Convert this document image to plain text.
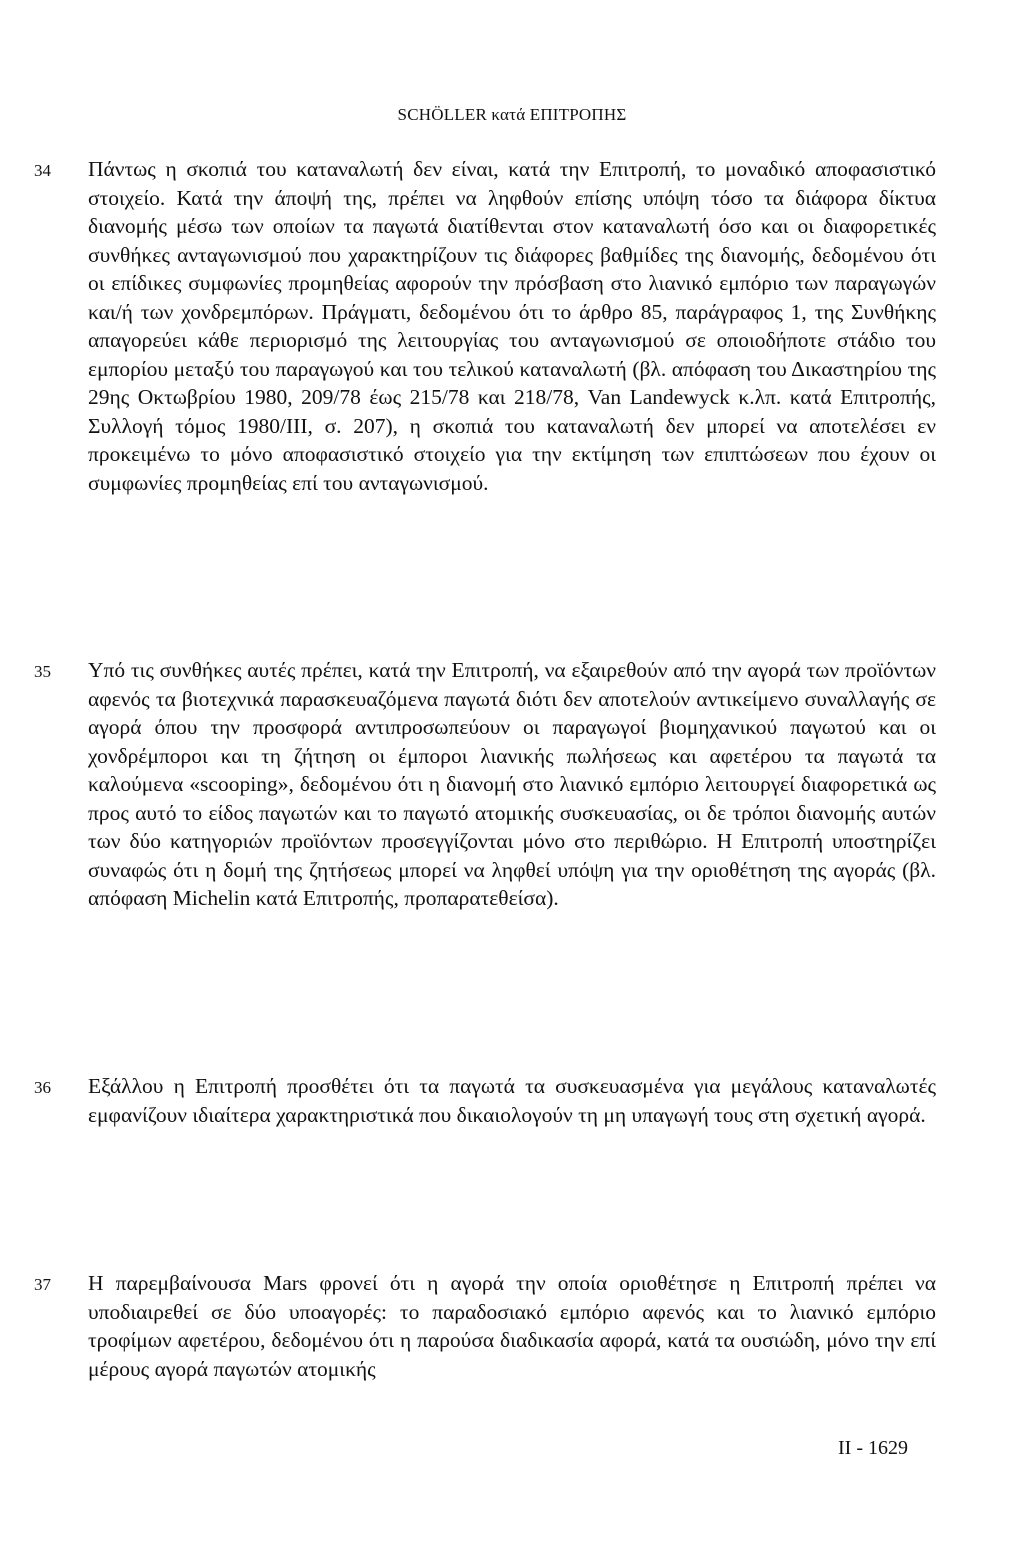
SCHÖLLER κατά ΕΠΙΤΡΟΠΗΣ
34 Πάντως η σκοπιά του καταναλωτή δεν είναι, κατά την Επιτροπή, το μοναδικό αποφασιστικό στοιχείο. Κατά την άποψή της, πρέπει να ληφθούν επίσης υπόψη τόσο τα διάφορα δίκτυα διανομής μέσω των οποίων τα παγωτά διατίθενται στον καταναλωτή όσο και οι διαφορετικές συνθήκες ανταγωνισμού που χαρακτηρίζουν τις διάφορες βαθμίδες της διανομής, δεδομένου ότι οι επίδικες συμφωνίες προμηθείας αφορούν την πρόσβαση στο λιανικό εμπόριο των παραγωγών και/ή των χονδρεμπόρων. Πράγματι, δεδομένου ότι το άρθρο 85, παράγραφος 1, της Συνθήκης απαγορεύει κάθε περιορισμό της λειτουργίας του ανταγωνισμού σε οποιοδήποτε στάδιο του εμπορίου μεταξύ του παραγωγού και του τελικού καταναλωτή (βλ. απόφαση του Δικαστηρίου της 29ης Οκτωβρίου 1980, 209/78 έως 215/78 και 218/78, Van Landewyck κ.λπ. κατά Επιτροπής, Συλλογή τόμος 1980/III, σ. 207), η σκοπιά του καταναλωτή δεν μπορεί να αποτελέσει εν προκειμένω το μόνο αποφασιστικό στοιχείο για την εκτίμηση των επιπτώσεων που έχουν οι συμφωνίες προμηθείας επί του ανταγωνισμού.
35 Υπό τις συνθήκες αυτές πρέπει, κατά την Επιτροπή, να εξαιρεθούν από την αγορά των προϊόντων αφενός τα βιοτεχνικά παρασκευαζόμενα παγωτά διότι δεν αποτελούν αντικείμενο συναλλαγής σε αγορά όπου την προσφορά αντιπροσωπεύουν οι παραγωγοί βιομηχανικού παγωτού και οι χονδρέμποροι και τη ζήτηση οι έμποροι λιανικής πωλήσεως και αφετέρου τα παγωτά τα καλούμενα «scooping», δεδομένου ότι η διανομή στο λιανικό εμπόριο λειτουργεί διαφορετικά ως προς αυτό το είδος παγωτών και το παγωτό ατομικής συσκευασίας, οι δε τρόποι διανομής αυτών των δύο κατηγοριών προϊόντων προσεγγίζονται μόνο στο περιθώριο. Η Επιτροπή υποστηρίζει συναφώς ότι η δομή της ζητήσεως μπορεί να ληφθεί υπόψη για την οριοθέτηση της αγοράς (βλ. απόφαση Michelin κατά Επιτροπής, προπαρατεθείσα).
36 Εξάλλου η Επιτροπή προσθέτει ότι τα παγωτά τα συσκευασμένα για μεγάλους καταναλωτές εμφανίζουν ιδιαίτερα χαρακτηριστικά που δικαιολογούν τη μη υπαγωγή τους στη σχετική αγορά.
37 Η παρεμβαίνουσα Mars φρονεί ότι η αγορά την οποία οριοθέτησε η Επιτροπή πρέπει να υποδιαιρεθεί σε δύο υποαγορές: το παραδοσιακό εμπόριο αφενός και το λιανικό εμπόριο τροφίμων αφετέρου, δεδομένου ότι η παρούσα διαδικασία αφορά, κατά τα ουσιώδη, μόνο την επί μέρους αγορά παγωτών ατομικής
II - 1629
